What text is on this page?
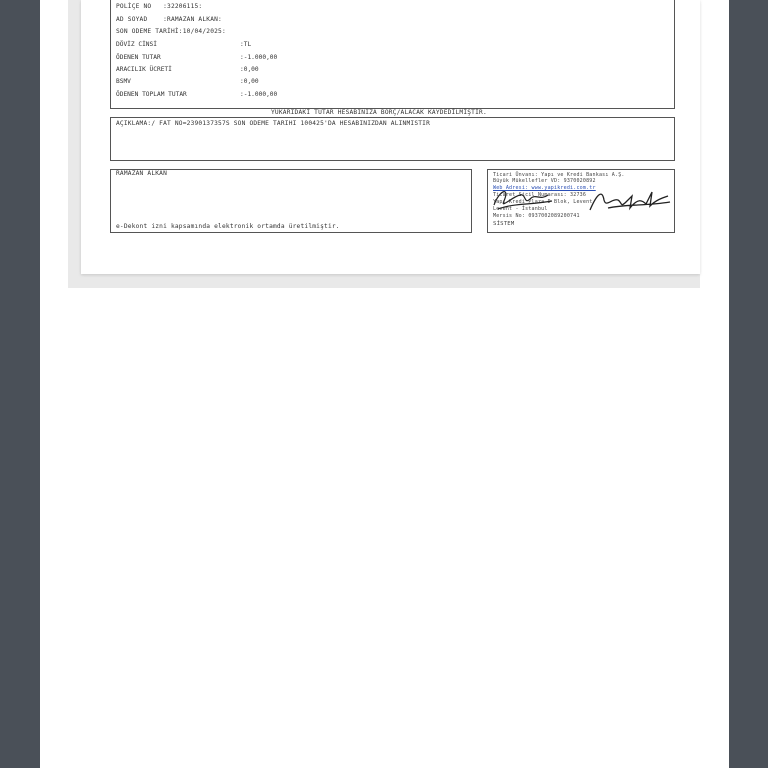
POLİÇE NO   :32206115:
AD SOYAD    :RAMAZAN ALKAN:
SON ODEME TARİHİ:10/04/2025:
DÖVİZ CİNSİ	:TL
ÖDENEN TUTAR	:-1.000,00
ARACILIK ÜCRETİ	:0,00
BSMV	:0,00
ÖDENEN TOPLAM TUTAR	:-1.000,00
YUKARIDAKİ TUTAR HESABINIZA BORÇ/ALACAK KAYDEDİLMİŞTİR.
AÇIKLAMA:/ FAT NO=2390137357S SON ODEME TARIHI 100425'DA HESABINIZDAN ALINMISTIR
RAMAZAN ALKAN
e-Dekont izni kapsamında elektronik ortamda üretilmiştir.
Ticari Ünvanı: Yapı ve Kredi Bankası A.Ş.
Büyük Mükellefler VD: 9370020892
Web Adresi: www.yapikredi.com.tr
Ticaret Sicil Numarası: 32736
Yapı Kredi Plaza D Blok, Levent
Levent - İstanbul
Mersis No: 0937002089200741
SİSTEM
